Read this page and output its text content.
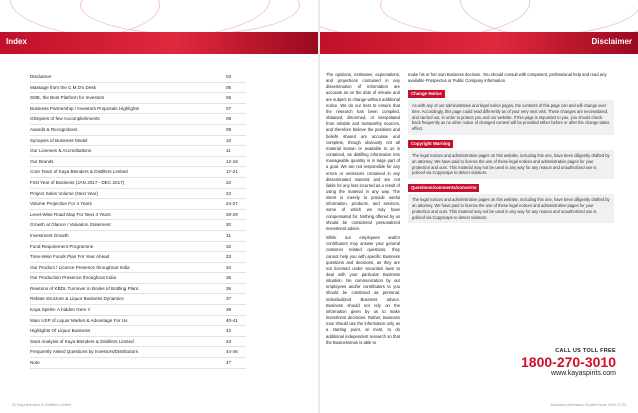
Index	Disclaimer
Disclaimer	03
Massage from the C.M.D's Desk	05
SME, the Best Platform for Investors	06
Business Partnership / Investors Proposals Highlights	07
Glimpses of few Accomplishments	08
Awards & Recognitions	09
Synopsis of Business Model	10
Our Licenses & Accreditations	11
Our Brands	12-16
Core Team of Kaya Blenders & Distillers Limited	17-21
First Year of Business (JAN 2017 - DEC 2017)	22
Project Sales Volume (Next Year)	23
Volume Projection For 4 Years	24-27
Level-Wise Road Map For Next 4 Years	28-29
Growth at Glance / Valuation Statement	30
Investment Growth	31
Fund Requirement Programme	32
Time-Wise Funds Plan For Year Ahead	33
Our Product / Licence Presence throughout India	34
Our Production Presence throughout India	35
Reasons of KBDL Turnover in Books of Bottling Plant	36
Rebate structure & Liquor Business Dynamics	37
Kaya Spirits- A hidden Gem !!	39
Main USP of Liquor Market & Advantage For Us	40-41
Highlights Of Liquor Business	42
Swot Analysis of Kaya Blenders & Distillers Limited	43
Frequently Asked Questions by Investors/Distributors	44-46
Note	47

The opinions, estimates, expectations, and projections contained in any dissemination of information are accurate as on the date of release and are subject to change without additional notice. We do our best to ensure that the research has been compiled, obtained, discerned, or interpolated from reliable and trustworthy sources, and therefore believe the positions and beliefs shared are accurate and complete, though obviously not all material known or available to us is contained, as distilling information into manageable quantity is in large part of a goal. We are not responsible for any errors or omissions contained in any disseminated material and are not liable for any loss incurred as a result of using the material in any way. The intent is merely to provide useful information, products, and services, some of which we may have compensated for. Nothing offered by us should be considered personalized investment advice.

While our employees and/or contributors may answer your general customer related questions, they cannot help you with specific Business questions and decisions, as they are not licensed under securities laws to deal with your particular Business situation. No communication by our employees and/or contributors to you should be construed as personal, individualized Business advice. Business should not rely on the information given by us to make investment decisions. Rather, Business man should use the information only as a starting point, at most, to do additional independent research so that the Businessman is able to

make his or her own Business decision. You should consult with competent, professional help and read any available Prospectus or Public Company information.
Change Notice
As with any of our administrative and legal notice pages, the contents of this page can and will change over time. Accordingly, this page could read differently as of your very next visit. These changes are necessitated, and carried out, in order to protect you and our website. If this page is important to you, you should check back frequently as no other notice of changed content will be provided either before or after the change takes effect.
Copyright Warning
The legal notices and administrative pages on this website, including this one, have been diligently drafted by an attorney. We have paid to license the use of these legal notices and administrative pages for your protection and ours. This material may not be used in any way for any reason and unauthorized use is policed via Copyscape to detect violators.
Questions/comments/concerns
The legal notices and administrative pages on this website, including this one, have been diligently drafted by an attorney. We have paid to license the use of these legal notices and administrative pages for your protection and ours. This material may not be used in any way for any reason and unauthorized use is policed via Copyscape to detect violators.
CALL US TOLL FREE
1800-270-3010
www.kayaspirits.com
02 Kaya Blenders & Distillers Limited	Business Information Booklet Issue 2016-17 03
